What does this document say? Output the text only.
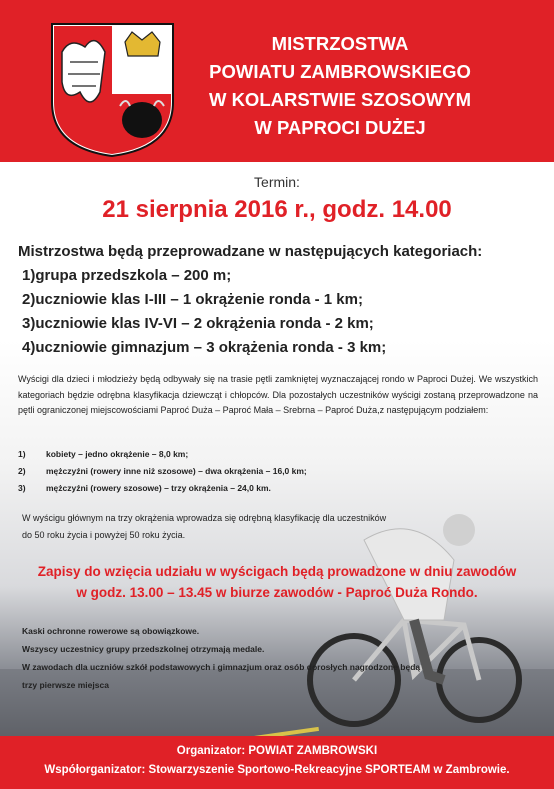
MISTRZOSTWA
POWIATU ZAMBROWSKIEGO
W KOLARSTWIE SZOSOWYM
W PAPROCI DUŻEJ
Termin:
21 sierpnia 2016 r., godz. 14.00
Mistrzostwa będą przeprowadzane w następujących kategoriach:
1)grupa przedszkola – 200 m;
2)uczniowie klas I-III – 1 okrążenie ronda - 1 km;
3)uczniowie klas IV-VI – 2 okrążenia ronda - 2 km;
4)uczniowie gimnazjum – 3 okrążenia ronda - 3 km;
Wyścigi dla dzieci i młodzieży będą odbywały się na trasie pętli zamkniętej wyznaczającej rondo w Paproci Dużej. We wszystkich kategoriach będzie odrębna klasyfikacja dziewcząt i chłopców. Dla pozostałych uczestników wyścigi zostaną przeprowadzone na pętli ograniczonej miejscowościami Paproć Duża – Paproć Mała – Srebrna – Paproć Duża,z następującym podziałem:
1) kobiety – jedno okrążenie – 8,0 km;
2) mężczyźni (rowery inne niż szosowe) – dwa okrążenia – 16,0 km;
3) mężczyźni (rowery szosowe) – trzy okrążenia – 24,0 km.
W wyścigu głównym na trzy okrążenia wprowadza się odrębną klasyfikację dla uczestników
do 50 roku życia i powyżej 50 roku życia.
Zapisy do wzięcia udziału w wyścigach będą prowadzone w dniu zawodów
w godz. 13.00 – 13.45 w biurze zawodów - Paproć Duża Rondo.
Kaski ochronne rowerowe są obowiązkowe.
Wszyscy uczestnicy grupy przedszkolnej otrzymają medale.
W zawodach dla uczniów szkół podstawowych i gimnazjum oraz osób dorosłych nagrodzone będą
trzy pierwsze miejsca
Organizator: POWIAT ZAMBROWSKI
Współorganizator: Stowarzyszenie Sportowo-Rekreacyjne SPORTEAM w Zambrowie.
